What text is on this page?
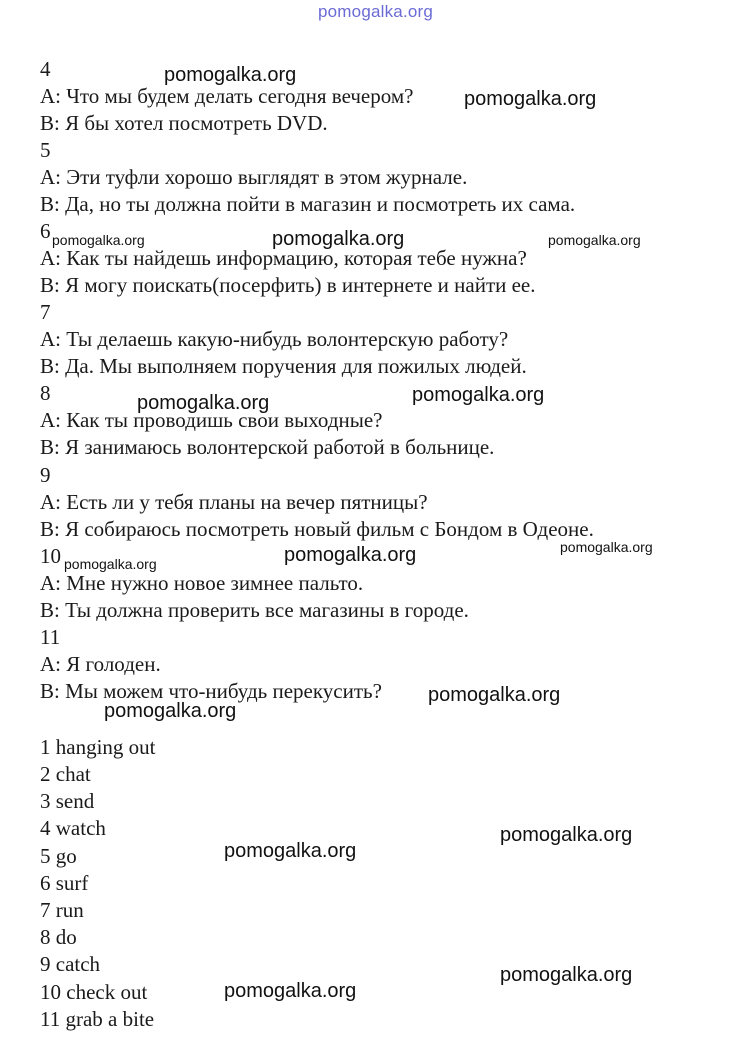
pomogalka.org
4
A: Что мы будем делать сегодня вечером?
B: Я бы хотел посмотреть DVD.
5
A: Эти туфли хорошо выглядят в этом журнале.
B: Да, но ты должна пойти в магазин и посмотреть их сама.
6
A: Как ты найдешь информацию, которая тебе нужна?
B: Я могу поискать(посерфить) в интернете и найти ее.
7
A: Ты делаешь какую-нибудь волонтерскую работу?
B: Да. Мы выполняем поручения для пожилых людей.
8
A: Как ты проводишь свои выходные?
B: Я занимаюсь волонтерской работой в больнице.
9
A: Есть ли у тебя планы на вечер пятницы?
B: Я собираюсь посмотреть новый фильм с Бондом в Одеоне.
10
A: Мне нужно новое зимнее пальто.
B: Ты должна проверить все магазины в городе.
11
A: Я голоден.
B: Мы можем что-нибудь перекусить?
1 hanging out
2 chat
3 send
4 watch
5 go
6 surf
7 run
8 do
9 catch
10 check out
11 grab a bite
pomogalka.org
pomogalka.org
pomogalka.org	pomogalka.org	pomogalka.org
pomogalka.org
pomogalka.org
pomogalka.org	pomogalka.org	pomogalka.org
pomogalka.org
pomogalka.org
pomogalka.org
pomogalka.org
pomogalka.org
pomogalka.org
